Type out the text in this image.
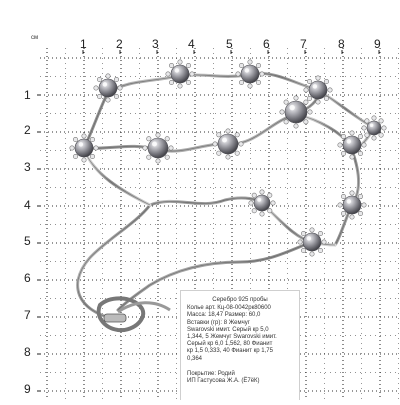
см	1 2 3 4	5	6	7	8 9
1
2
3
4
5
6
7
8
9
Серебро 925 пробы
Колье арт. Кц-08-0042рк80600
Масса: 18,47 Размер: 60,0
Вставки (гр): 8 Жемчуг
Swarovski имит. Серый кр 5,0
1,344, 5 Жемчуг Swarovski имит.
Серый кр 6,0 1,562, 80 Фианит
кр 1,5 0,333, 40 Фианит кр 1,75
0,364
Покрытие: Родий
ИП Гастусова Ж.А. (Ё7ёК)
